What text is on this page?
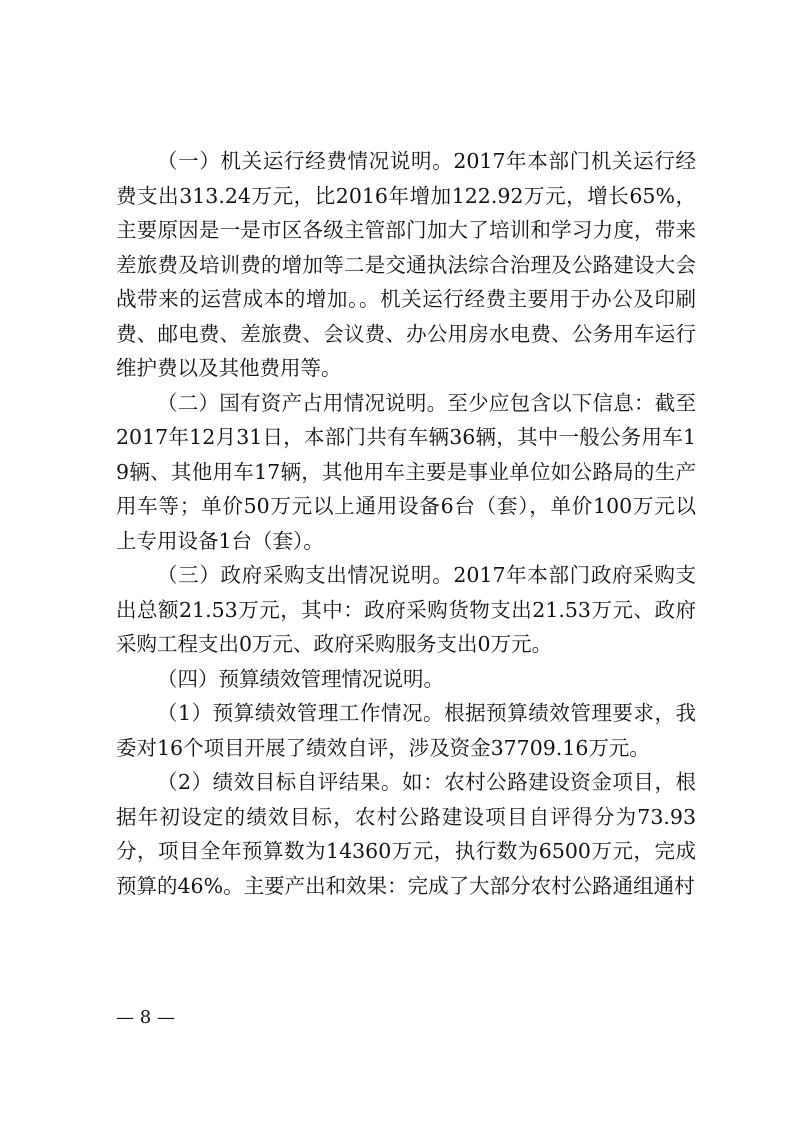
（一）机关运行经费情况说明。2017年本部门机关运行经费支出313.24万元，比2016年增加122.92万元，增长65%，主要原因是一是市区各级主管部门加大了培训和学习力度，带来差旅费及培训费的增加等二是交通执法综合治理及公路建设大会战带来的运营成本的增加。。机关运行经费主要用于办公及印刷费、邮电费、差旅费、会议费、办公用房水电费、公务用车运行维护费以及其他费用等。

（二）国有资产占用情况说明。至少应包含以下信息：截至2017年12月31日，本部门共有车辆36辆，其中一般公务用车19辆、其他用车17辆，其他用车主要是事业单位如公路局的生产用车等；单价50万元以上通用设备6台（套），单价100万元以上专用设备1台（套）。

（三）政府采购支出情况说明。2017年本部门政府采购支出总额21.53万元，其中：政府采购货物支出21.53万元、政府采购工程支出0万元、政府采购服务支出0万元。

（四）预算绩效管理情况说明。

（1）预算绩效管理工作情况。根据预算绩效管理要求，我委对16个项目开展了绩效自评，涉及资金37709.16万元。

（2）绩效目标自评结果。如：农村公路建设资金项目，根据年初设定的绩效目标，农村公路建设项目自评得分为73.93分，项目全年预算数为14360万元，执行数为6500万元，完成预算的46%。主要产出和效果：完成了大部分农村公路通组通村

— 8 —
